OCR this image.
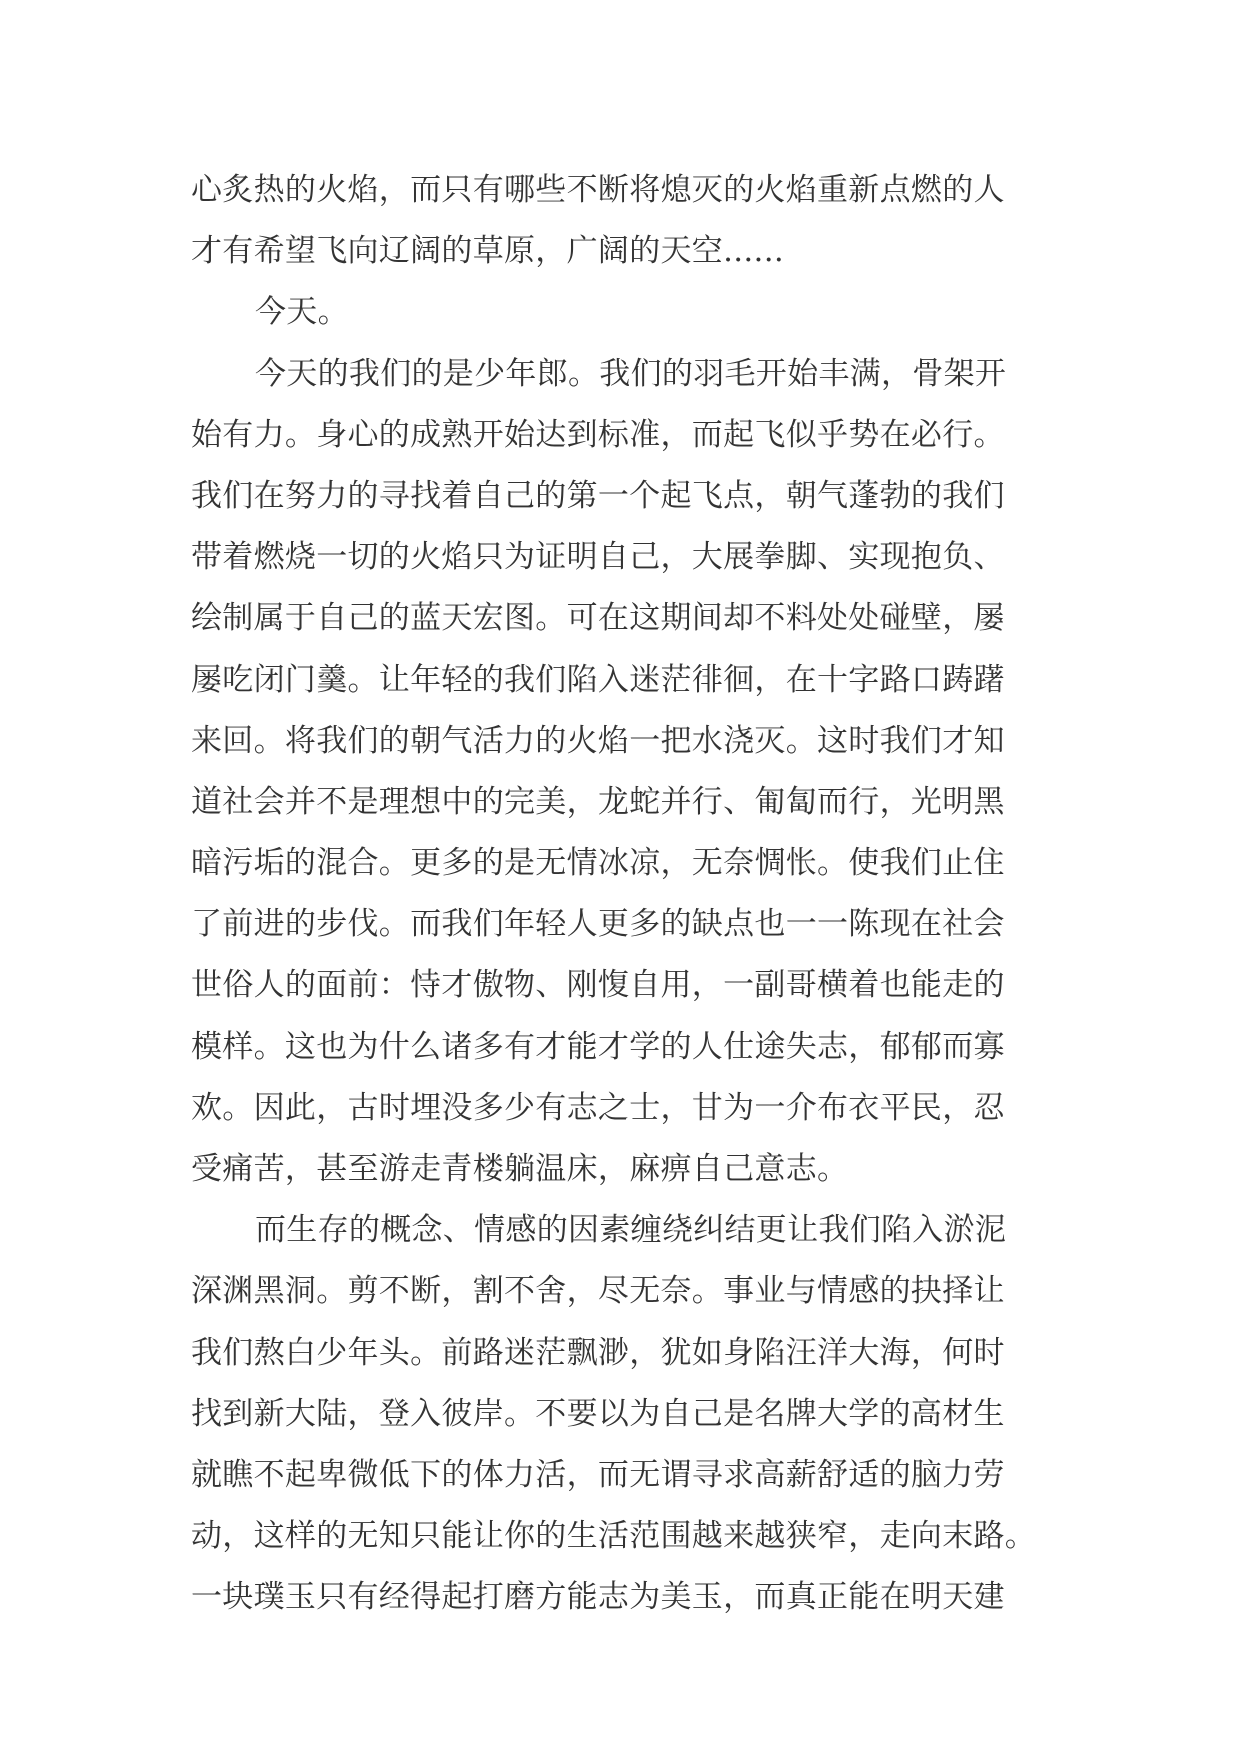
心炙热的火焰，而只有哪些不断将熄灭的火焰重新点燃的人
才有希望飞向辽阔的草原，广阔的天空......
今天。
今天的我们的是少年郎。我们的羽毛开始丰满，骨架开
始有力。身心的成熟开始达到标准，而起飞似乎势在必行。
我们在努力的寻找着自己的第一个起飞点，朝气蓬勃的我们
带着燃烧一切的火焰只为证明自己，大展拳脚、实现抱负、
绘制属于自己的蓝天宏图。可在这期间却不料处处碰壁，屡
屡吃闭门羹。让年轻的我们陷入迷茫徘徊，在十字路口踌躇
来回。将我们的朝气活力的火焰一把水浇灭。这时我们才知
道社会并不是理想中的完美，龙蛇并行、匍匐而行，光明黑
暗污垢的混合。更多的是无情冰凉，无奈惆怅。使我们止住
了前进的步伐。而我们年轻人更多的缺点也一一陈现在社会
世俗人的面前：恃才傲物、刚愎自用，一副哥横着也能走的
模样。这也为什么诸多有才能才学的人仕途失志，郁郁而寡
欢。因此，古时埋没多少有志之士，甘为一介布衣平民，忍
受痛苦，甚至游走青楼躺温床，麻痹自己意志。
而生存的概念、情感的因素缠绕纠结更让我们陷入淤泥
深渊黑洞。剪不断，割不舍，尽无奈。事业与情感的抉择让
我们熬白少年头。前路迷茫飘渺，犹如身陷汪洋大海，何时
找到新大陆，登入彼岸。不要以为自己是名牌大学的高材生
就瞧不起卑微低下的体力活，而无谓寻求高薪舒适的脑力劳
动，这样的无知只能让你的生活范围越来越狭窄，走向末路。
一块璞玉只有经得起打磨方能志为美玉，而真正能在明天建
